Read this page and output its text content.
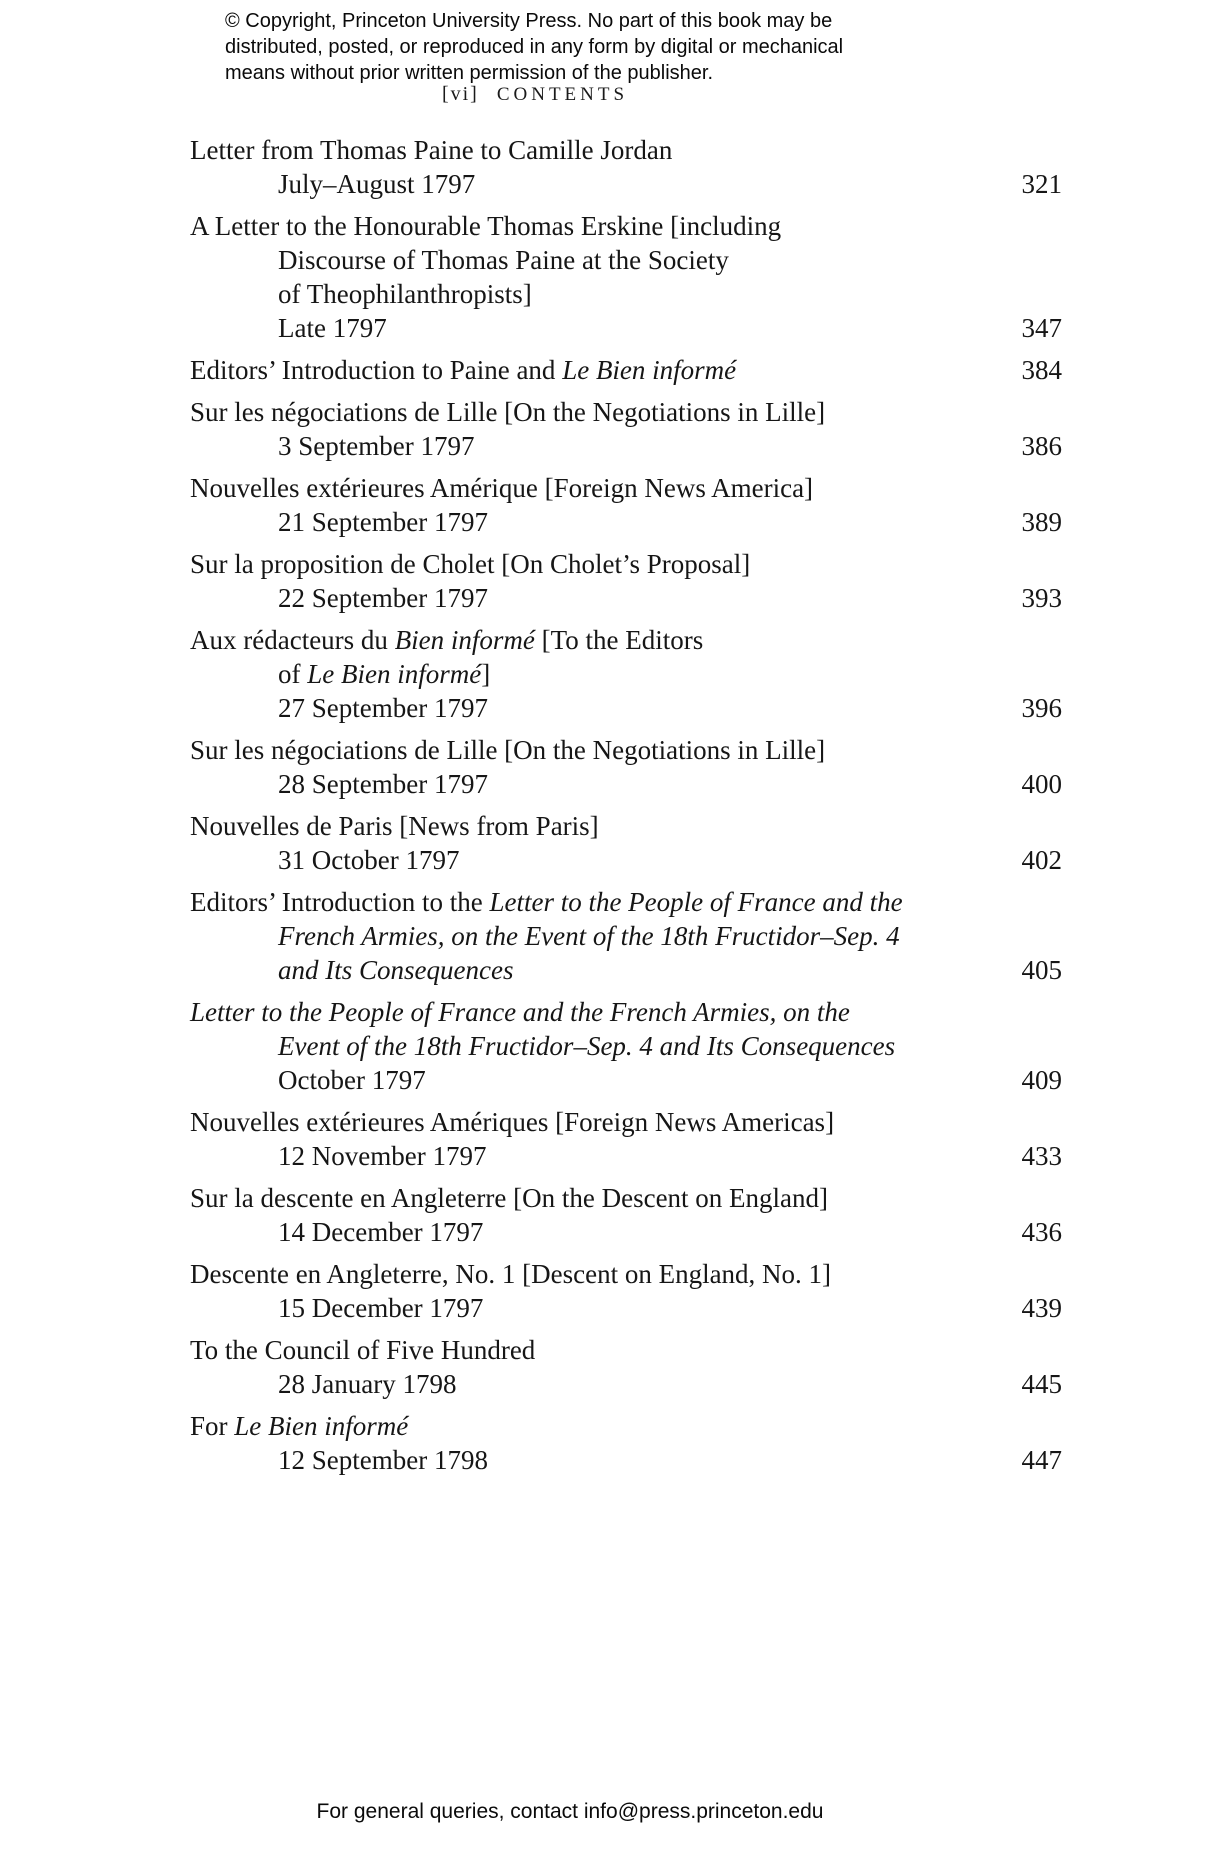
© Copyright, Princeton University Press. No part of this book may be
distributed, posted, or reproduced in any form by digital or mechanical
means without prior written permission of the publisher.
[vi] CONTENTS
Letter from Thomas Paine to Camille Jordan
July–August 1797	321
A Letter to the Honourable Thomas Erskine [including
Discourse of Thomas Paine at the Society
of Theophilanthropists]
Late 1797	347
Editors’ Introduction to Paine and Le Bien informé	384
Sur les négociations de Lille [On the Negotiations in Lille]
3 September 1797	386
Nouvelles extérieures Amérique [Foreign News America]
21 September 1797	389
Sur la proposition de Cholet [On Cholet’s Proposal]
22 September 1797	393
Aux rédacteurs du Bien informé [To the Editors
of Le Bien informé]
27 September 1797	396
Sur les négociations de Lille [On the Negotiations in Lille]
28 September 1797	400
Nouvelles de Paris [News from Paris]
31 October 1797	402
Editors’ Introduction to the Letter to the People of France and the
French Armies, on the Event of the 18th Fructidor–Sep. 4
and Its Consequences	405
Letter to the People of France and the French Armies, on the
Event of the 18th Fructidor–Sep. 4 and Its Consequences
October 1797	409
Nouvelles extérieures Amériques [Foreign News Americas]
12 November 1797	433
Sur la descente en Angleterre [On the Descent on England]
14 December 1797	436
Descente en Angleterre, No. 1 [Descent on England, No. 1]
15 December 1797	439
To the Council of Five Hundred
28 January 1798	445
For Le Bien informé
12 September 1798	447
For general queries, contact info@press.princeton.edu
